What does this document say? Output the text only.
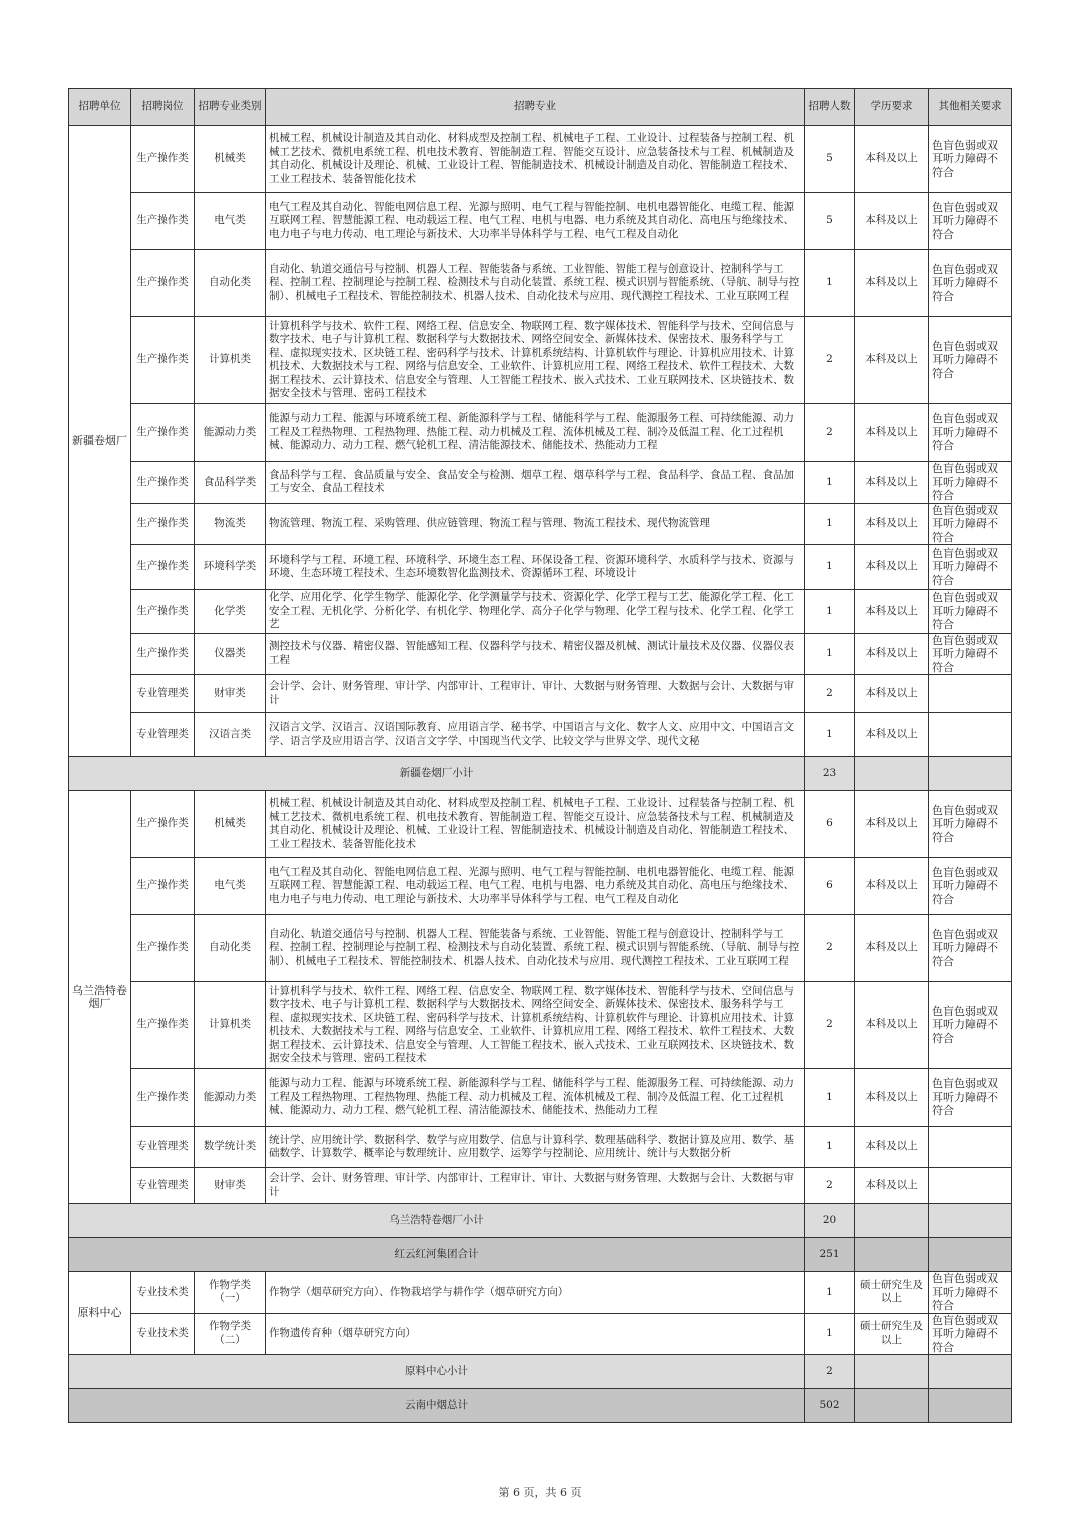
招聘单位	招聘岗位	招聘专业类别	招聘专业	招聘人数	学历要求	其他相关要求
新疆卷烟厂	生产操作类	机械类	机械工程、机械设计制造及其自动化、材料成型及控制工程、机械电子工程、工业设计、过程装备与控制工程、机械工艺技术、微机电系统工程、机电技术教育、智能制造工程、智能交互设计、应急装备技术与工程、机械制造及其自动化、机械设计及理论、机械、工业设计工程、智能制造技术、机械设计制造及自动化、智能制造工程技术、工业工程技术、装备智能化技术	5	本科及以上	色盲色弱或双耳听力障碍不符合
	生产操作类	电气类	电气工程及其自动化、智能电网信息工程、光源与照明、电气工程与智能控制、电机电器智能化、电缆工程、能源互联网工程、智慧能源工程、电动载运工程、电气工程、电机与电器、电力系统及其自动化、高电压与绝缘技术、电力电子与电力传动、电工理论与新技术、大功率半导体科学与工程、电气工程及自动化	5	本科及以上	色盲色弱或双耳听力障碍不符合
	生产操作类	自动化类	自动化、轨道交通信号与控制、机器人工程、智能装备与系统、工业智能、智能工程与创意设计、控制科学与工程、控制工程、控制理论与控制工程、检测技术与自动化装置、系统工程、模式识别与智能系统、（导航、制导与控制）、机械电子工程技术、智能控制技术、机器人技术、自动化技术与应用、现代测控工程技术、工业互联网工程	1	本科及以上	色盲色弱或双耳听力障碍不符合
	生产操作类	计算机类	计算机科学与技术、软件工程、网络工程、信息安全、物联网工程、数字媒体技术、智能科学与技术、空间信息与数字技术、电子与计算机工程、数据科学与大数据技术、网络空间安全、新媒体技术、保密技术、服务科学与工程、虚拟现实技术、区块链工程、密码科学与技术、计算机系统结构、计算机软件与理论、计算机应用技术、计算机技术、大数据技术与工程、网络与信息安全、工业软件、计算机应用工程、网络工程技术、软件工程技术、大数据工程技术、云计算技术、信息安全与管理、人工智能工程技术、嵌入式技术、工业互联网技术、区块链技术、数据安全技术与管理、密码工程技术	2	本科及以上	色盲色弱或双耳听力障碍不符合
	生产操作类	能源动力类	能源与动力工程、能源与环境系统工程、新能源科学与工程、储能科学与工程、能源服务工程、可持续能源、动力工程及工程热物理、工程热物理、热能工程、动力机械及工程、流体机械及工程、制冷及低温工程、化工过程机械、能源动力、动力工程、燃气轮机工程、清洁能源技术、储能技术、热能动力工程	2	本科及以上	色盲色弱或双耳听力障碍不符合
	生产操作类	食品科学类	食品科学与工程、食品质量与安全、食品安全与检测、烟草工程、烟草科学与工程、食品科学、食品工程、食品加工与安全、食品工程技术	1	本科及以上	色盲色弱或双耳听力障碍不符合
	生产操作类	物流类	物流管理、物流工程、采购管理、供应链管理、物流工程与管理、物流工程技术、现代物流管理	1	本科及以上	色盲色弱或双耳听力障碍不符合
	生产操作类	环境科学类	环境科学与工程、环境工程、环境科学、环境生态工程、环保设备工程、资源环境科学、水质科学与技术、资源与环境、生态环境工程技术、生态环境数智化监测技术、资源循环工程、环境设计	1	本科及以上	色盲色弱或双耳听力障碍不符合
	生产操作类	化学类	化学、应用化学、化学生物学、能源化学、化学测量学与技术、资源化学、化学工程与工艺、能源化学工程、化工安全工程、无机化学、分析化学、有机化学、物理化学、高分子化学与物理、化学工程与技术、化学工程、化学工艺	1	本科及以上	色盲色弱或双耳听力障碍不符合
	生产操作类	仪器类	测控技术与仪器、精密仪器、智能感知工程、仪器科学与技术、精密仪器及机械、测试计量技术及仪器、仪器仪表工程	1	本科及以上	色盲色弱或双耳听力障碍不符合
	专业管理类	财审类	会计学、会计、财务管理、审计学、内部审计、工程审计、审计、大数据与财务管理、大数据与会计、大数据与审计	2	本科及以上	
	专业管理类	汉语言类	汉语言文学、汉语言、汉语国际教育、应用语言学、秘书学、中国语言与文化、数字人文、应用中文、中国语言文学、语言学及应用语言学、汉语言文字学、中国现当代文学、比较文学与世界文学、现代文秘	1	本科及以上	
新疆卷烟厂小计				23		
乌兰浩特卷烟厂	生产操作类	机械类	机械工程、机械设计制造及其自动化、材料成型及控制工程、机械电子工程、工业设计、过程装备与控制工程、机械工艺技术、微机电系统工程、机电技术教育、智能制造工程、智能交互设计、应急装备技术与工程、机械制造及其自动化、机械设计及理论、机械、工业设计工程、智能制造技术、机械设计制造及自动化、智能制造工程技术、工业工程技术、装备智能化技术	6	本科及以上	色盲色弱或双耳听力障碍不符合
	生产操作类	电气类	电气工程及其自动化、智能电网信息工程、光源与照明、电气工程与智能控制、电机电器智能化、电缆工程、能源互联网工程、智慧能源工程、电动载运工程、电气工程、电机与电器、电力系统及其自动化、高电压与绝缘技术、电力电子与电力传动、电工理论与新技术、大功率半导体科学与工程、电气工程及自动化	6	本科及以上	色盲色弱或双耳听力障碍不符合
	生产操作类	自动化类	自动化、轨道交通信号与控制、机器人工程、智能装备与系统、工业智能、智能工程与创意设计、控制科学与工程、控制工程、控制理论与控制工程、检测技术与自动化装置、系统工程、模式识别与智能系统、（导航、制导与控制）、机械电子工程技术、智能控制技术、机器人技术、自动化技术与应用、现代测控工程技术、工业互联网工程	2	本科及以上	色盲色弱或双耳听力障碍不符合
	生产操作类	计算机类	计算机科学与技术、软件工程、网络工程、信息安全、物联网工程、数字媒体技术、智能科学与技术、空间信息与数字技术、电子与计算机工程、数据科学与大数据技术、网络空间安全、新媒体技术、保密技术、服务科学与工程、虚拟现实技术、区块链工程、密码科学与技术、计算机系统结构、计算机软件与理论、计算机应用技术、计算机技术、大数据技术与工程、网络与信息安全、工业软件、计算机应用工程、网络工程技术、软件工程技术、大数据工程技术、云计算技术、信息安全与管理、人工智能工程技术、嵌入式技术、工业互联网技术、区块链技术、数据安全技术与管理、密码工程技术	2	本科及以上	色盲色弱或双耳听力障碍不符合
	生产操作类	能源动力类	能源与动力工程、能源与环境系统工程、新能源科学与工程、储能科学与工程、能源服务工程、可持续能源、动力工程及工程热物理、工程热物理、热能工程、动力机械及工程、流体机械及工程、制冷及低温工程、化工过程机械、能源动力、动力工程、燃气轮机工程、清洁能源技术、储能技术、热能动力工程	1	本科及以上	色盲色弱或双耳听力障碍不符合
	专业管理类	数学统计类	统计学、应用统计学、数据科学、数学与应用数学、信息与计算科学、数理基础科学、数据计算及应用、数学、基础数学、计算数学、概率论与数理统计、应用数学、运筹学与控制论、应用统计、统计与大数据分析	1	本科及以上	
	专业管理类	财审类	会计学、会计、财务管理、审计学、内部审计、工程审计、审计、大数据与财务管理、大数据与会计、大数据与审计	2	本科及以上	
乌兰浩特卷烟厂小计				20		
红云红河集团合计				251		
原料中心	专业技术类	作物学类（一）	作物学（烟草研究方向）、作物栽培学与耕作学（烟草研究方向）	1	硕士研究生及以上	色盲色弱或双耳听力障碍不符合
	专业技术类	作物学类（二）	作物遗传育种（烟草研究方向）	1	硕士研究生及以上	色盲色弱或双耳听力障碍不符合
原料中心小计				2		
云南中烟总计				502		
第 6 页，共 6 页
